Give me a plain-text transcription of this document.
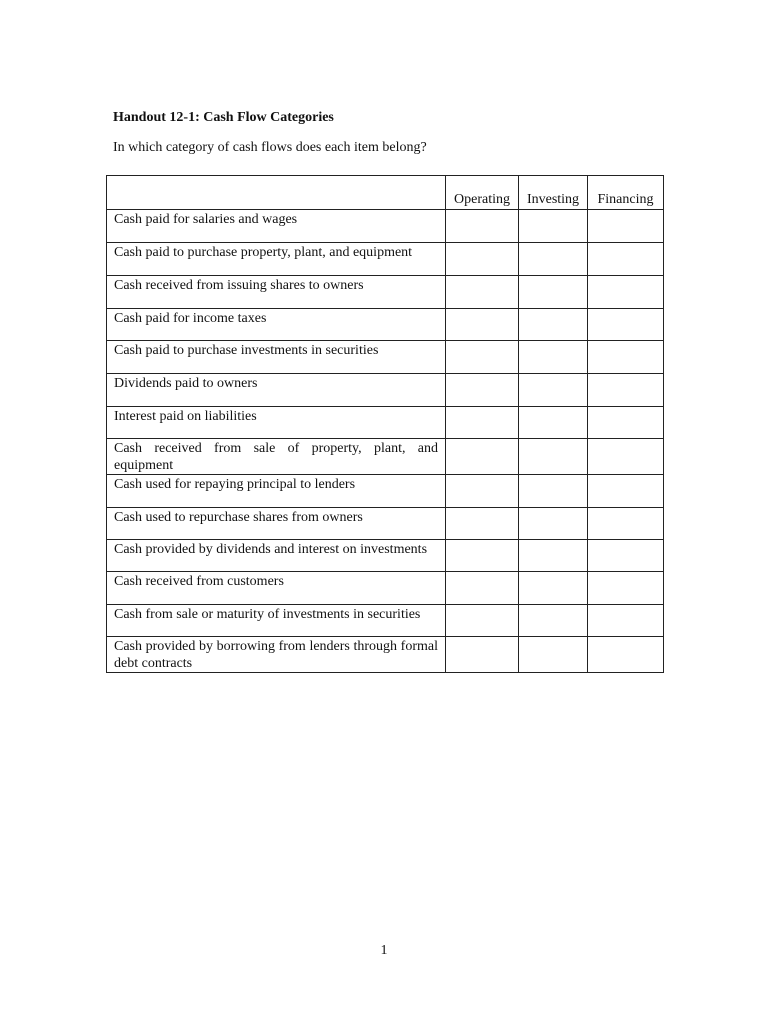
Handout 12-1: Cash Flow Categories
In which category of cash flows does each item belong?
	Operating	Investing	Financing

Cash paid for salaries and wages			

Cash paid to purchase property, plant, and equipment			

Cash received from issuing shares to owners			

Cash paid for income taxes			

Cash paid to purchase investments in securities			

Dividends paid to owners			

Interest paid on liabilities			

Cash received from sale of property, plant, and equipment			

Cash used for repaying principal to lenders			

Cash used to repurchase shares from owners			

Cash provided by dividends and interest on investments			

Cash received from customers			

Cash from sale or maturity of investments in securities			

Cash provided by borrowing from lenders through formal debt contracts			

1
